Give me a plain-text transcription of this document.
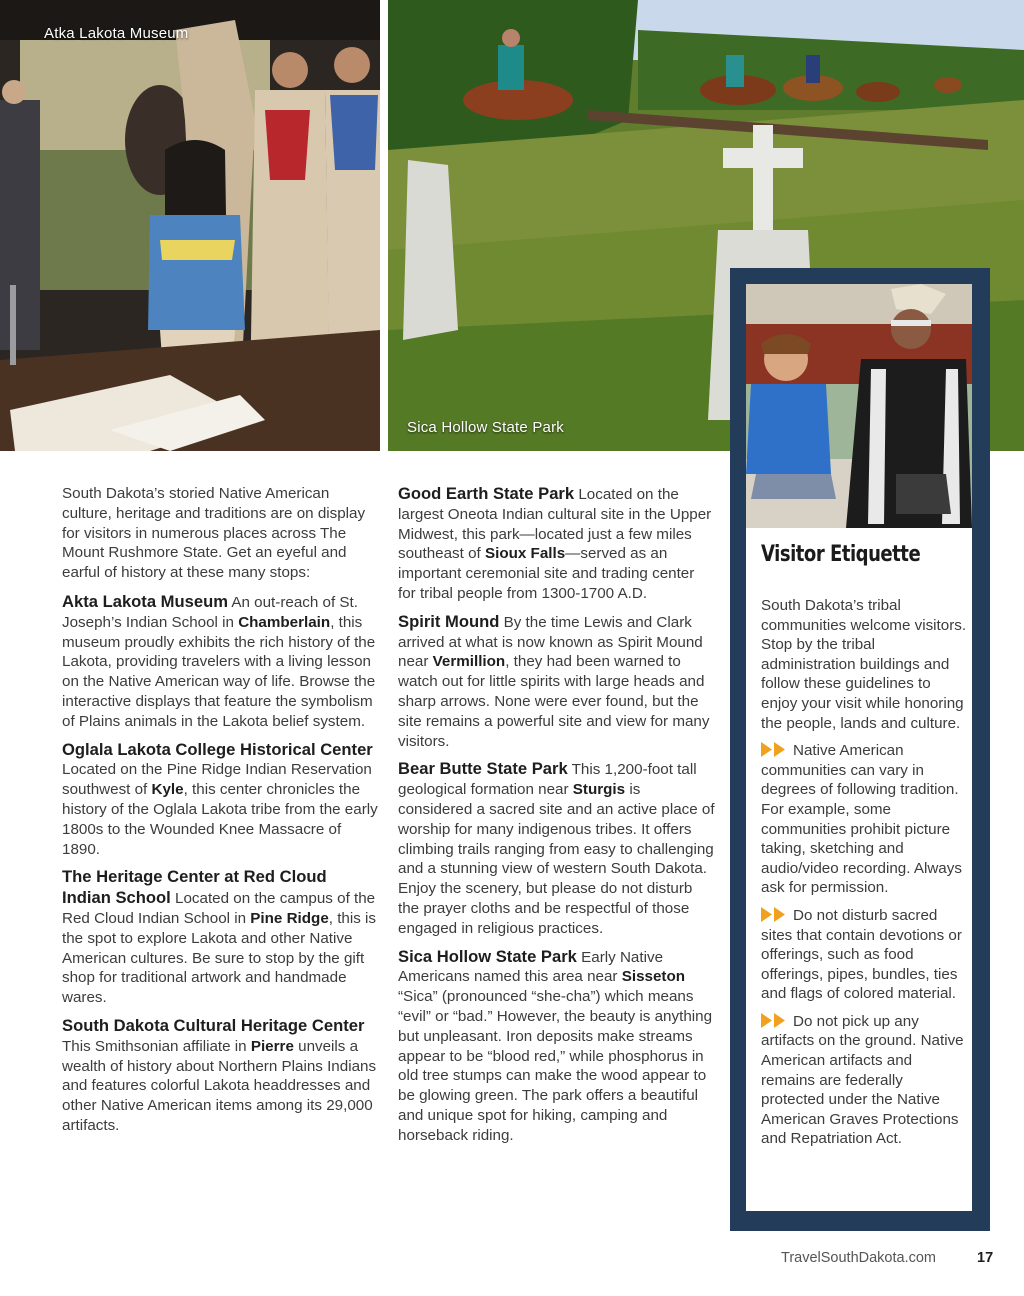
Atka Lakota Museum
Sica Hollow State Park

South Dakota’s storied Native American culture, heritage and traditions are on display for visitors in numerous places across The Mount Rushmore State. Get an eyeful and earful of history at these many stops:

Akta Lakota Museum An out-reach of St. Joseph’s Indian School in Chamberlain, this museum proudly exhibits the rich history of the Lakota, providing travelers with a living lesson on the Native American way of life. Browse the interactive displays that feature the symbolism of Plains animals in the Lakota belief system.

Oglala Lakota College Historical Center Located on the Pine Ridge Indian Reservation southwest of Kyle, this center chronicles the history of the Oglala Lakota tribe from the early 1800s to the Wounded Knee Massacre of 1890.

The Heritage Center at Red Cloud Indian School Located on the campus of the Red Cloud Indian School in Pine Ridge, this is the spot to explore Lakota and other Native American cultures. Be sure to stop by the gift shop for traditional artwork and handmade wares.

South Dakota Cultural Heritage Center This Smithsonian affiliate in Pierre unveils a wealth of history about Northern Plains Indians and features colorful Lakota headdresses and other Native American items among its 29,000 artifacts.

Good Earth State Park Located on the largest Oneota Indian cultural site in the Upper Midwest, this park—located just a few miles southeast of Sioux Falls—served as an important ceremonial site and trading center for tribal people from 1300-1700 A.D.

Spirit Mound By the time Lewis and Clark arrived at what is now known as Spirit Mound near Vermillion, they had been warned to watch out for little spirits with large heads and sharp arrows. None were ever found, but the site remains a powerful site and view for many visitors.

Bear Butte State Park This 1,200-foot tall geological formation near Sturgis is considered a sacred site and an active place of worship for many indigenous tribes. It offers climbing trails ranging from easy to challenging and a stunning view of western South Dakota. Enjoy the scenery, but please do not disturb the prayer cloths and be respectful of those engaged in religious practices.

Sica Hollow State Park Early Native Americans named this area near Sisseton “Sica” (pronounced “she-cha”) which means “evil” or “bad.” However, the beauty is anything but unpleasant. Iron deposits make streams appear to be “blood red,” while phosphorus in old tree stumps can make the wood appear to be glowing green. The park offers a beautiful and unique spot for hiking, camping and horseback riding.

Visitor Etiquette

South Dakota’s tribal communities welcome visitors. Stop by the tribal administration buildings and follow these guidelines to enjoy your visit while honoring the people, lands and culture.

Native American communities can vary in degrees of following tradition. For example, some communities prohibit picture taking, sketching and audio/video recording. Always ask for permission.

Do not disturb sacred sites that contain devotions or offerings, such as food offerings, pipes, bundles, ties and flags of colored material.

Do not pick up any artifacts on the ground. Native American artifacts and remains are federally protected under the Native American Graves Protections and Repatriation Act.

TravelSouthDakota.com	17
